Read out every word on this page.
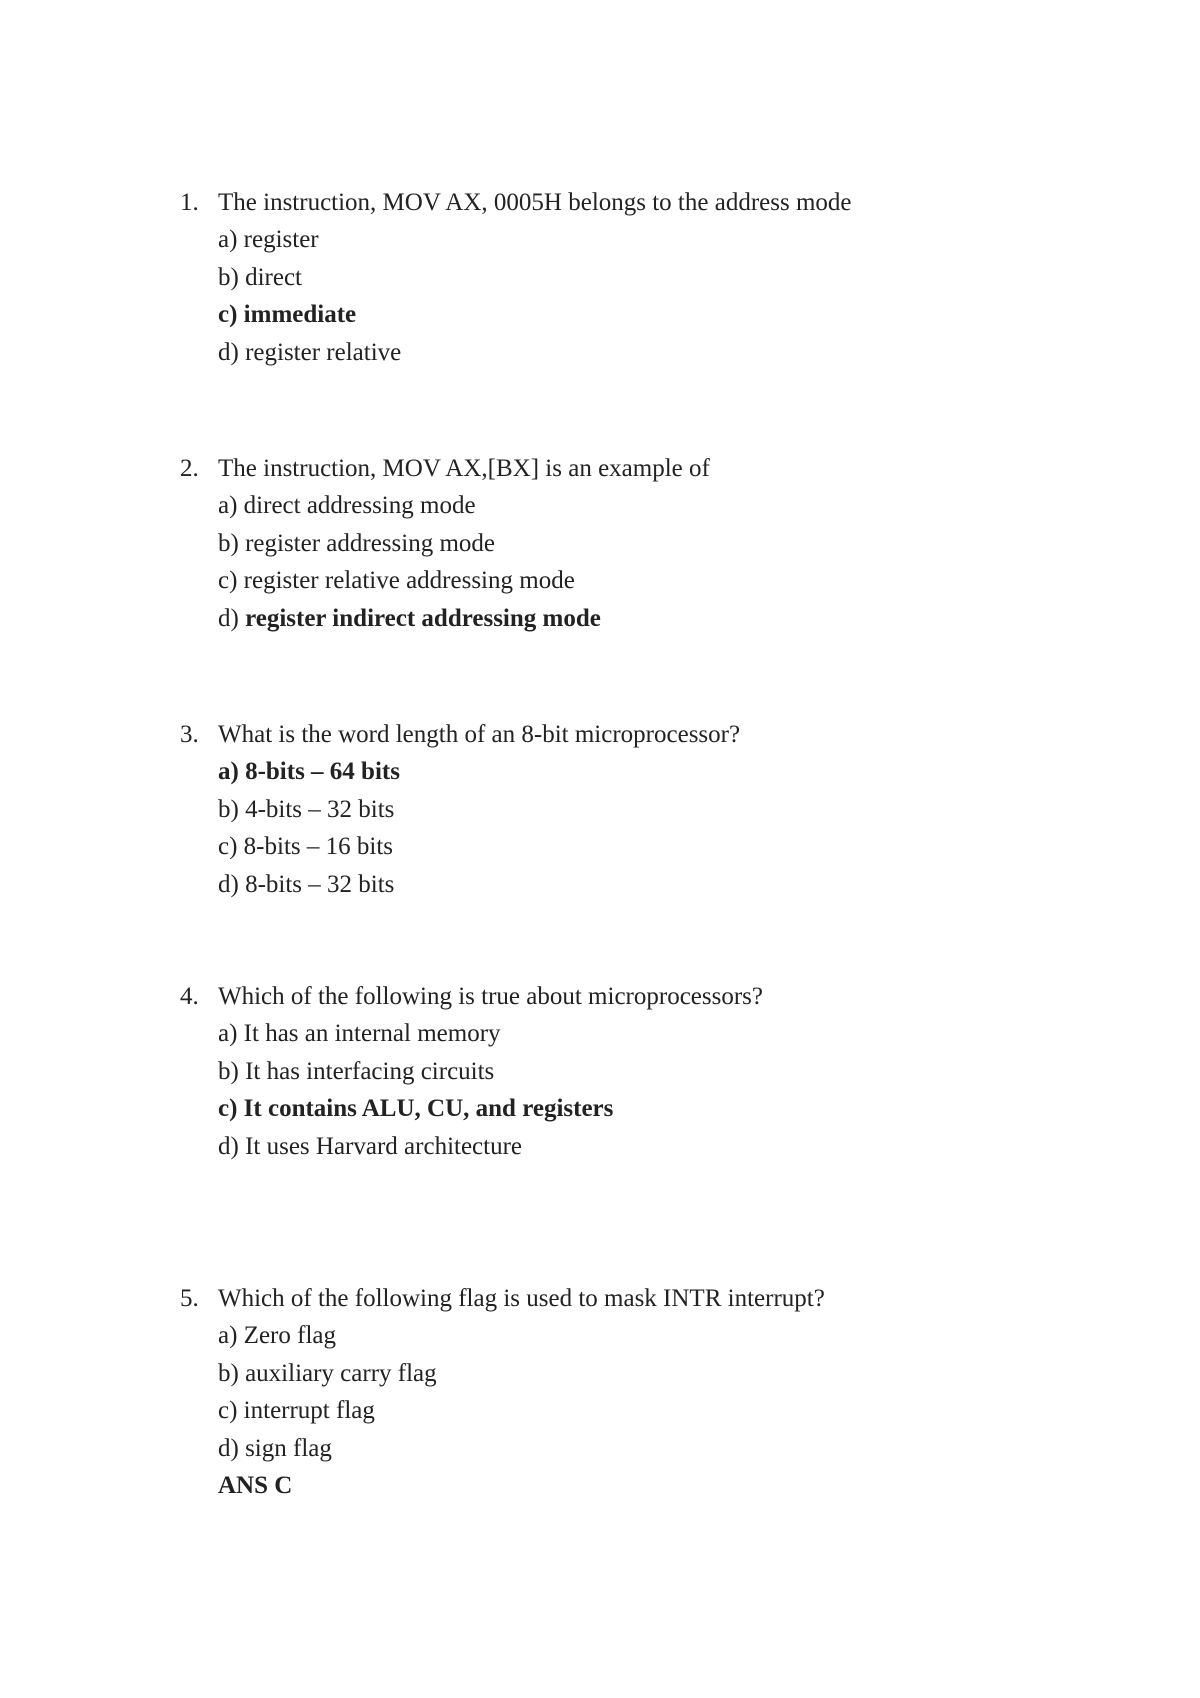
1. The instruction, MOV AX, 0005H belongs to the address mode
a) register
b) direct
c) immediate
d) register relative
2. The instruction, MOV AX,[BX] is an example of
a) direct addressing mode
b) register addressing mode
c) register relative addressing mode
d) register indirect addressing mode
3. What is the word length of an 8-bit microprocessor?
a) 8-bits – 64 bits
b) 4-bits – 32 bits
c) 8-bits – 16 bits
d) 8-bits – 32 bits
4. Which of the following is true about microprocessors?
a) It has an internal memory
b) It has interfacing circuits
c) It contains ALU, CU, and registers
d) It uses Harvard architecture
5. Which of the following flag is used to mask INTR interrupt?
a) Zero flag
b) auxiliary carry flag
c) interrupt flag
d) sign flag
ANS C
